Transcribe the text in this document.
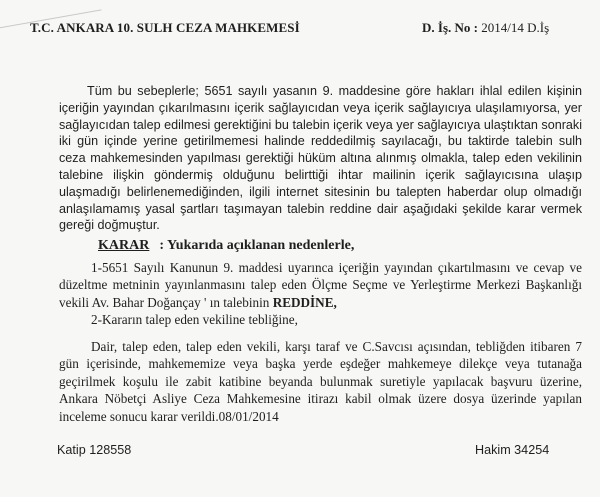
T.C. ANKARA 10. SULH CEZA MAHKEMESİ	D. İş. No : 2014/14 D.İş

Tüm bu sebeplerle; 5651 sayılı yasanın 9. maddesine göre hakları ihlal edilen kişinin içeriğin yayından çıkarılmasını içerik sağlayıcıdan veya içerik sağlayıcıya ulaşılamıyorsa, yer sağlayıcıdan talep edilmesi gerektiğini bu talebin içerik veya yer sağlayıcıya ulaştıktan sonraki iki gün içinde yerine getirilmemesi halinde reddedilmiş sayılacağı, bu taktirde talebin sulh ceza mahkemesinden yapılması gerektiği hüküm altına alınmış olmakla, talep eden vekilinin talebine ilişkin göndermiş olduğunu belirttiği ihtar mailinin içerik sağlayıcısına ulaşıp ulaşmadığı belirlenemediğinden, ilgili internet sitesinin bu talepten haberdar olup olmadığı anlaşılamamış yasal şartları taşımayan talebin reddine dair aşağıdaki şekilde karar vermek gereği doğmuştur.

KARAR : Yukarıda açıklanan nedenlerle,

1-5651 Sayılı Kanunun 9. maddesi uyarınca içeriğin yayından çıkartılmasını ve cevap ve düzeltme metninin yayınlanmasını talep eden Ölçme Seçme ve Yerleştirme Merkezi Başkanlığı vekili Av. Bahar Doğançay ' ın talebinin REDDİNE,

2-Kararın talep eden vekiline tebliğine,

Dair, talep eden, talep eden vekili, karşı taraf ve C.Savcısı açısından, tebliğden itibaren 7 gün içerisinde, mahkememize veya başka yerde eşdeğer mahkemeye dilekçe veya tutanağa geçirilmek koşulu ile zabit katibine beyanda bulunmak suretiyle yapılacak başvuru üzerine, Ankara Nöbetçi Asliye Ceza Mahkemesine itirazı kabil olmak üzere dosya üzerinde yapılan inceleme sonucu karar verildi.08/01/2014

Katip 128558	Hakim 34254
